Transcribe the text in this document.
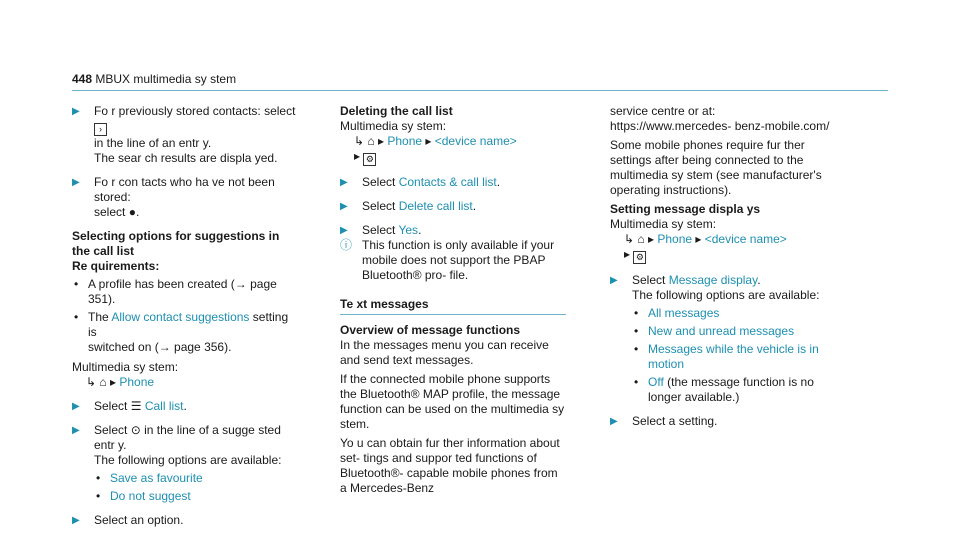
448 MBUX multimedia sy stem
▶ Fo r previously stored contacts: select ›
in the line of an entr y.
The sear ch results are displa yed.

▶ Fo r con tacts who ha ve not been stored:
select ●.

Selecting options for suggestions in the call list

Re quirements:

• A profile has been created (→ page 351).
• The Allow contact suggestions setting is
switched on (→ page 356).

Multimedia sy stem:

↳ ⌂ ▸ Phone

▶ Select ☰ Call list.

▶ Select ⊙ in the line of a sugge sted entr y.

The following options are available:

• Save as favourite
• Do not suggest
▶ Select an option.

Deleting the call list

Multimedia sy stem:

↳ ⌂ ▸ Phone ▸ <device name>
▸ ⚙

▶ Select Contacts & call list.

▶ Select Delete call list.

▶ Select Yes.

ⓘ This function is only available if your mobile does not support the PBAP Bluetooth® pro- file.

Te xt messages

Overview of message functions

In the messages menu you can receive and send text messages.

If the connected mobile phone supports the Bluetooth® MAP profile, the message function can be used on the multimedia sy stem.

Yo u can obtain fur ther information about set- tings and suppor ted functions of Bluetooth®- capable mobile phones from a Mercedes-Benz

service centre or at: https://www.mercedes- benz-mobile.com/

Some mobile phones require fur ther settings after being connected to the multimedia sy stem (see manufacturer's operating instructions).

Setting message displa ys

Multimedia sy stem:

↳ ⌂ ▸ Phone ▸ <device name>
▸ ⚙

▶ Select Message display.

The following options are available:

• All messages
• New and unread messages
• Messages while the vehicle is in motion
• Off (the message function is no longer available.)
▶ Select a setting.
